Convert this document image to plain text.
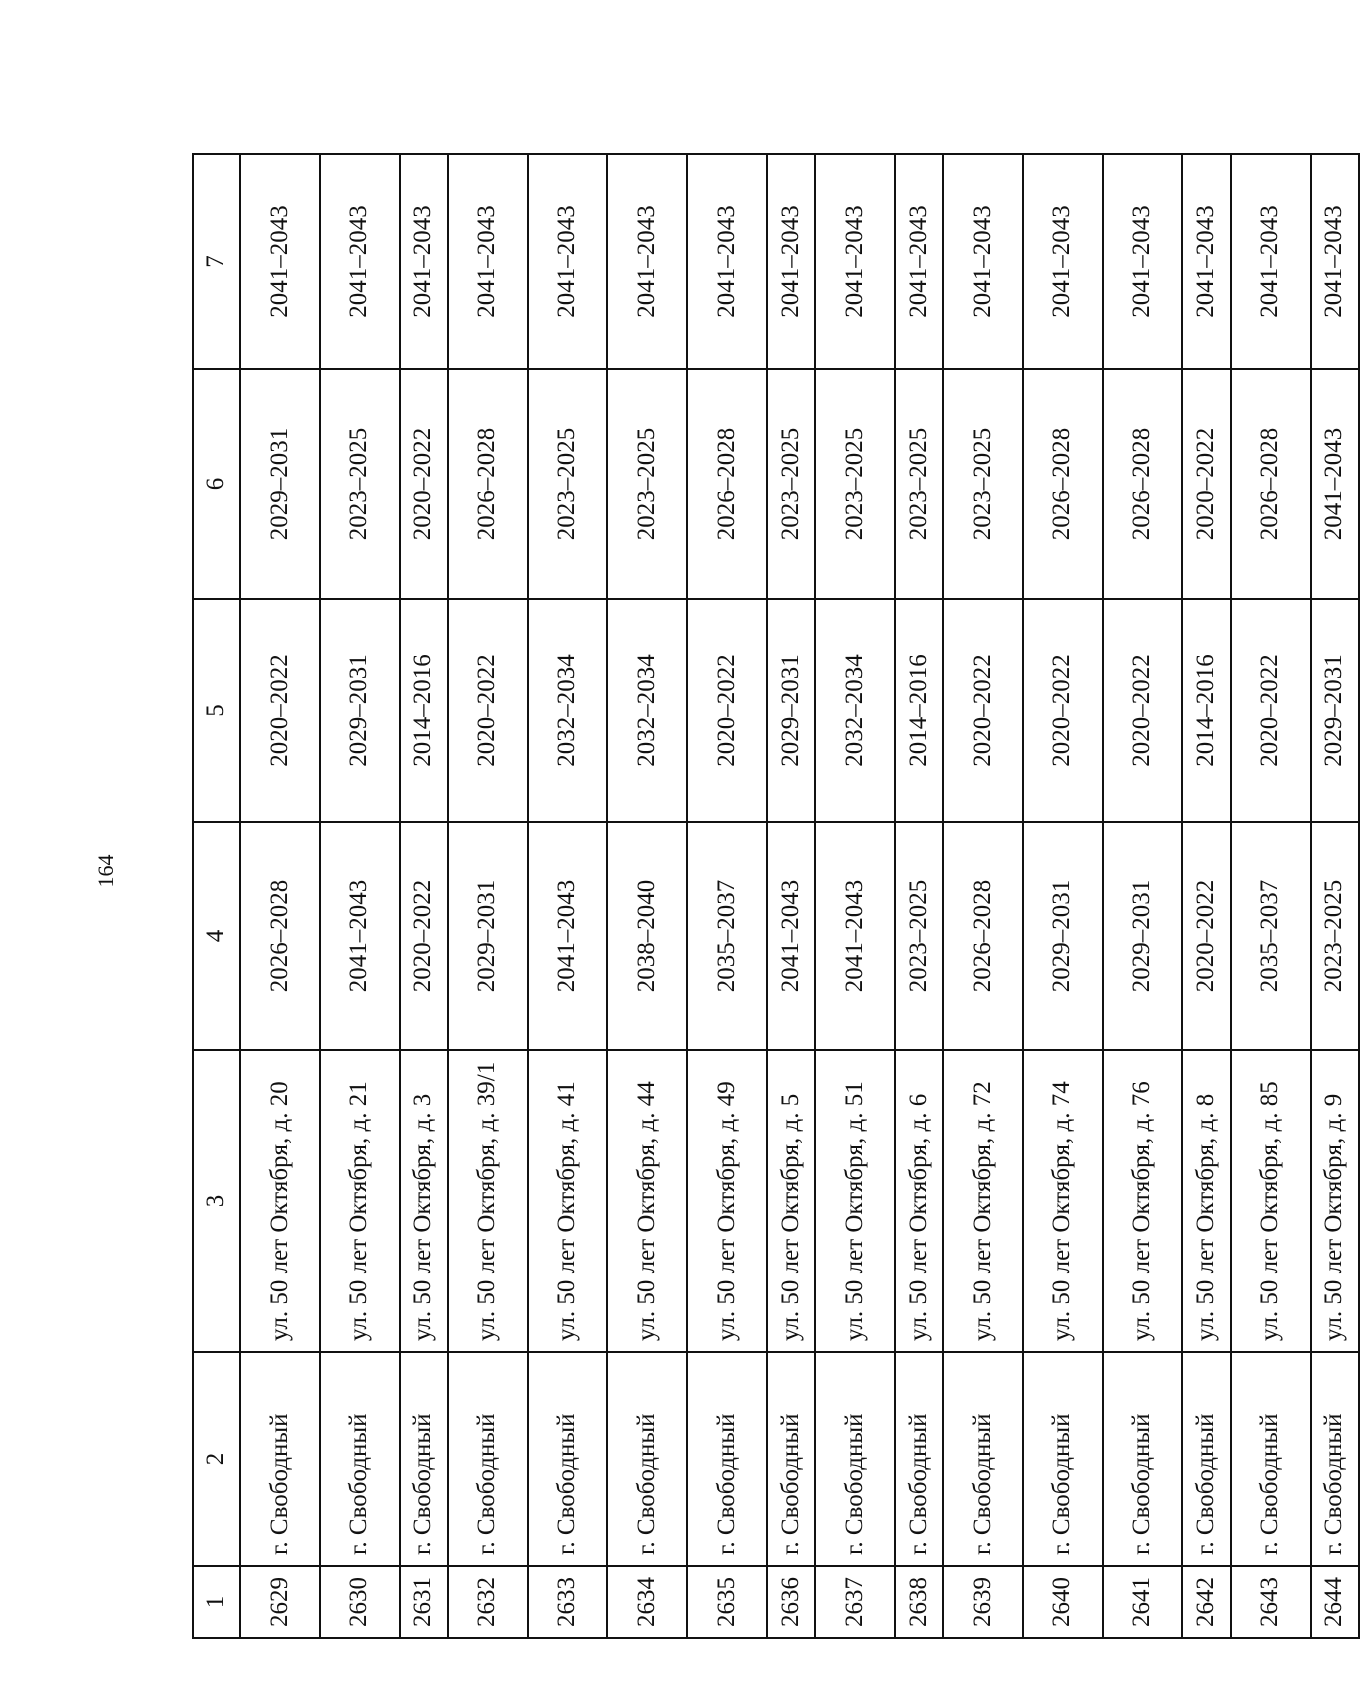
164
1	2	3	4	5	6	7
2629	г. Свободный	ул. 50 лет Октября, д. 20	2026–2028	2020–2022	2029–2031	2041–2043
2630	г. Свободный	ул. 50 лет Октября, д. 21	2041–2043	2029–2031	2023–2025	2041–2043
2631	г. Свободный	ул. 50 лет Октября, д. 3	2020–2022	2014–2016	2020–2022	2041–2043
2632	г. Свободный	ул. 50 лет Октября, д. 39/1	2029–2031	2020–2022	2026–2028	2041–2043
2633	г. Свободный	ул. 50 лет Октября, д. 41	2041–2043	2032–2034	2023–2025	2041–2043
2634	г. Свободный	ул. 50 лет Октября, д. 44	2038–2040	2032–2034	2023–2025	2041–2043
2635	г. Свободный	ул. 50 лет Октября, д. 49	2035–2037	2020–2022	2026–2028	2041–2043
2636	г. Свободный	ул. 50 лет Октября, д. 5	2041–2043	2029–2031	2023–2025	2041–2043
2637	г. Свободный	ул. 50 лет Октября, д. 51	2041–2043	2032–2034	2023–2025	2041–2043
2638	г. Свободный	ул. 50 лет Октября, д. 6	2023–2025	2014–2016	2023–2025	2041–2043
2639	г. Свободный	ул. 50 лет Октября, д. 72	2026–2028	2020–2022	2023–2025	2041–2043
2640	г. Свободный	ул. 50 лет Октября, д. 74	2029–2031	2020–2022	2026–2028	2041–2043
2641	г. Свободный	ул. 50 лет Октября, д. 76	2029–2031	2020–2022	2026–2028	2041–2043
2642	г. Свободный	ул. 50 лет Октября, д. 8	2020–2022	2014–2016	2020–2022	2041–2043
2643	г. Свободный	ул. 50 лет Октября, д. 85	2035–2037	2020–2022	2026–2028	2041–2043
2644	г. Свободный	ул. 50 лет Октября, д. 9	2023–2025	2029–2031	2041–2043	2041–2043
